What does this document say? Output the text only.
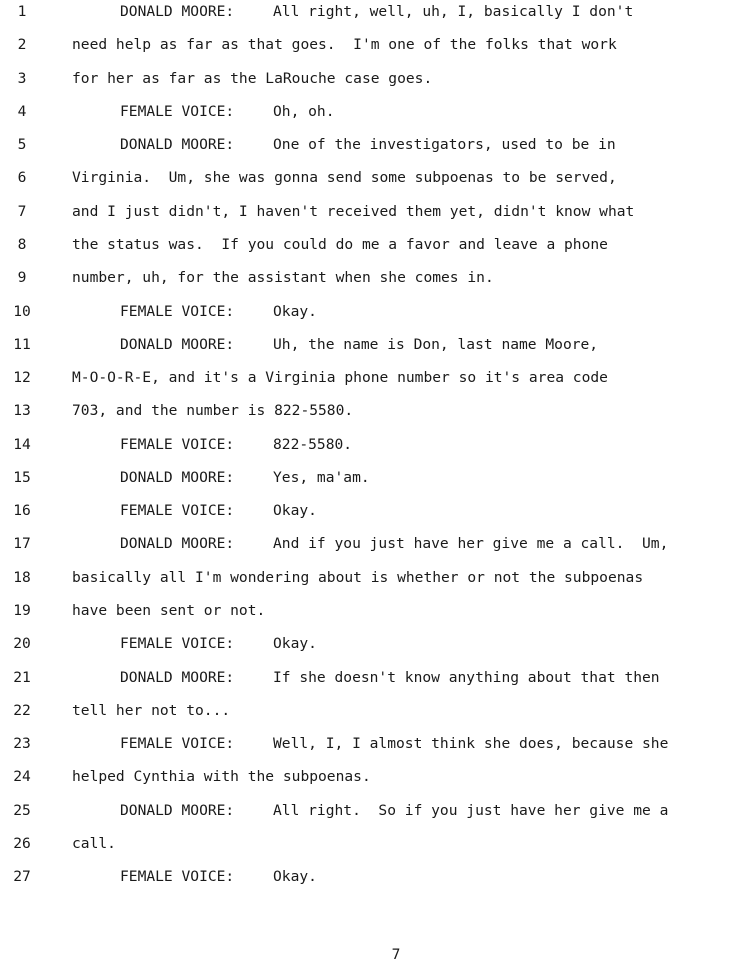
1	DONALD MOORE:	All right, well, uh, I, basically I don't
2	need help as far as that goes.  I'm one of the folks that work
3	for her as far as the LaRouche case goes.
4	FEMALE VOICE:	Oh, oh.
5	DONALD MOORE:	One of the investigators, used to be in
6	Virginia.  Um, she was gonna send some subpoenas to be served,
7	and I just didn't, I haven't received them yet, didn't know what
8	the status was.  If you could do me a favor and leave a phone
9	number, uh, for the assistant when she comes in.
10	FEMALE VOICE:	Okay.
11	DONALD MOORE:	Uh, the name is Don, last name Moore,
12	M-O-O-R-E, and it's a Virginia phone number so it's area code
13	703, and the number is 822-5580.
14	FEMALE VOICE:	822-5580.
15	DONALD MOORE:	Yes, ma'am.
16	FEMALE VOICE:	Okay.
17	DONALD MOORE:	And if you just have her give me a call.  Um,
18	basically all I'm wondering about is whether or not the subpoenas
19	have been sent or not.
20	FEMALE VOICE:	Okay.
21	DONALD MOORE:	If she doesn't know anything about that then
22	tell her not to...
23	FEMALE VOICE:	Well, I, I almost think she does, because she
24	helped Cynthia with the subpoenas.
25	DONALD MOORE:	All right.  So if you just have her give me a
26	call.
27	FEMALE VOICE:	Okay.
7
